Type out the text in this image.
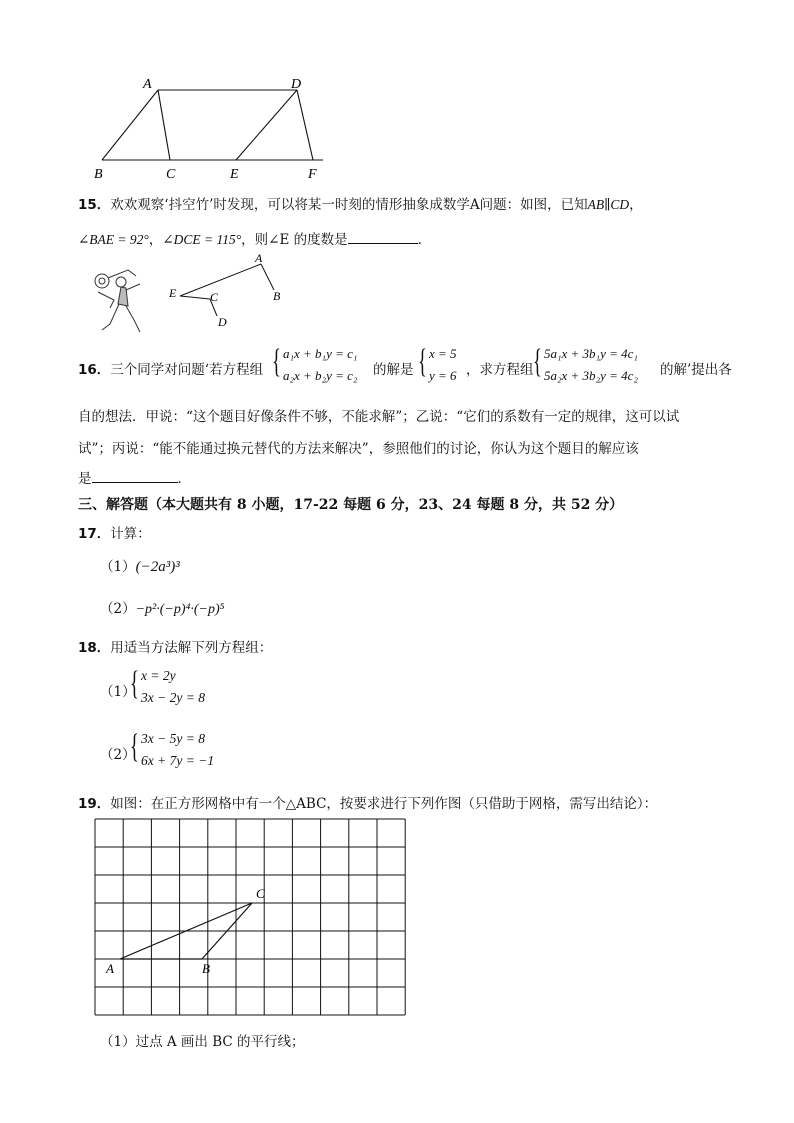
A	D
B	C	E	F
15．欢欢观察‘抖空竹’时发现，可以将某一时刻的情形抽象成数学A问题：如图，已知AB∥CD，
∠BAE = 92°，∠DCE = 115°，则∠E 的度数是	．
A
B
C
D
E
16．三个同学对问题‘若方程组 { a₁x + b₁y = c₁
a₂x + b₂y = c₂ 的解是 { x = 5
y = 6 ，求方程组 { 5a₁x + 3b₁y = 4c₁
5a₂x + 3b₂y = 4c₂ 的解’提出各
自的想法．甲说：“这个题目好像条件不够，不能求解”；乙说：“它们的系数有一定的规律，这可以试
试”；丙说：“能不能通过换元替代的方法来解决”，参照他们的讨论，你认为这个题目的解应该
是	．
三、解答题（本大题共有 8 小题，17-22 每题 6 分，23、24 每题 8 分，共 52 分）
17．计算：
（1）(−2a³)³
（2）−p²·(−p)⁴·(−p)⁵
18．用适当方法解下列方程组：
（1）
{ x = 2y
3x − 2y = 8
（2）
{ 3x − 5y = 8
6x + 7y = −1
19．如图：在正方形网格中有一个△ABC，按要求进行下列作图（只借助于网格，需写出结论）：
A	B
C
（1）过点 A 画出 BC 的平行线；
